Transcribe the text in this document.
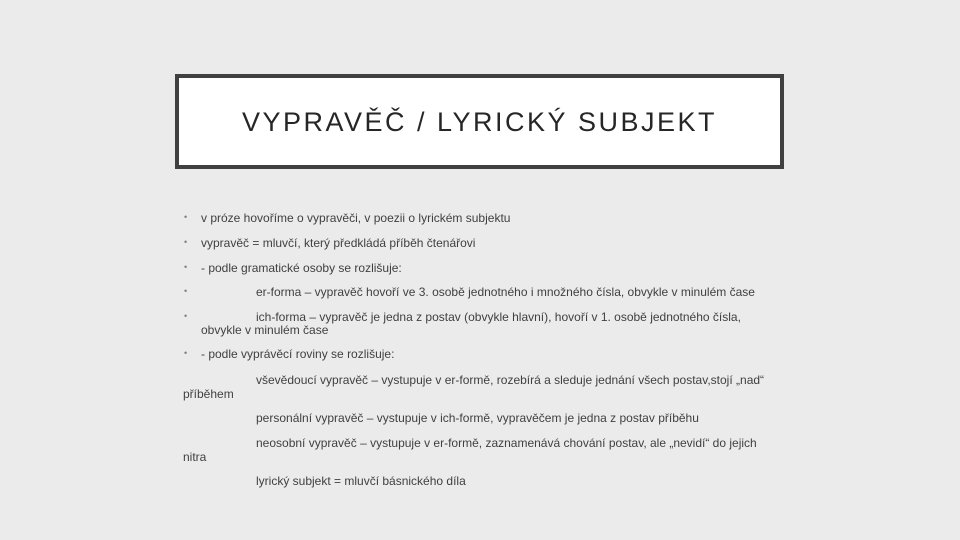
VYPRAVĚČ / LYRICKÝ SUBJEKT
•
•
•
•
•
•
v próze hovoříme o vypravěči, v poezii o lyrickém subjektu
vypravěč = mluvčí, který předkládá příběh čtenářovi
- podle gramatické osoby se rozlišuje:
er-forma – vypravěč hovoří ve 3. osobě jednotného i množného čísla, obvykle v minulém čase
ich-forma – vypravěč je jedna z postav (obvykle hlavní), hovoří v 1. osobě jednotného čísla,
obvykle v minulém čase
- podle vyprávěcí roviny se rozlišuje:
vševědoucí vypravěč – vystupuje v er-formě, rozebírá a sleduje jednání všech postav,stojí „nad“
příběhem
personální vypravěč – vystupuje v ich-formě, vypravěčem je jedna z postav příběhu
neosobní vypravěč – vystupuje v er-formě, zaznamenává chování postav, ale „nevidí“ do jejich
nitra
lyrický subjekt = mluvčí básnického díla
